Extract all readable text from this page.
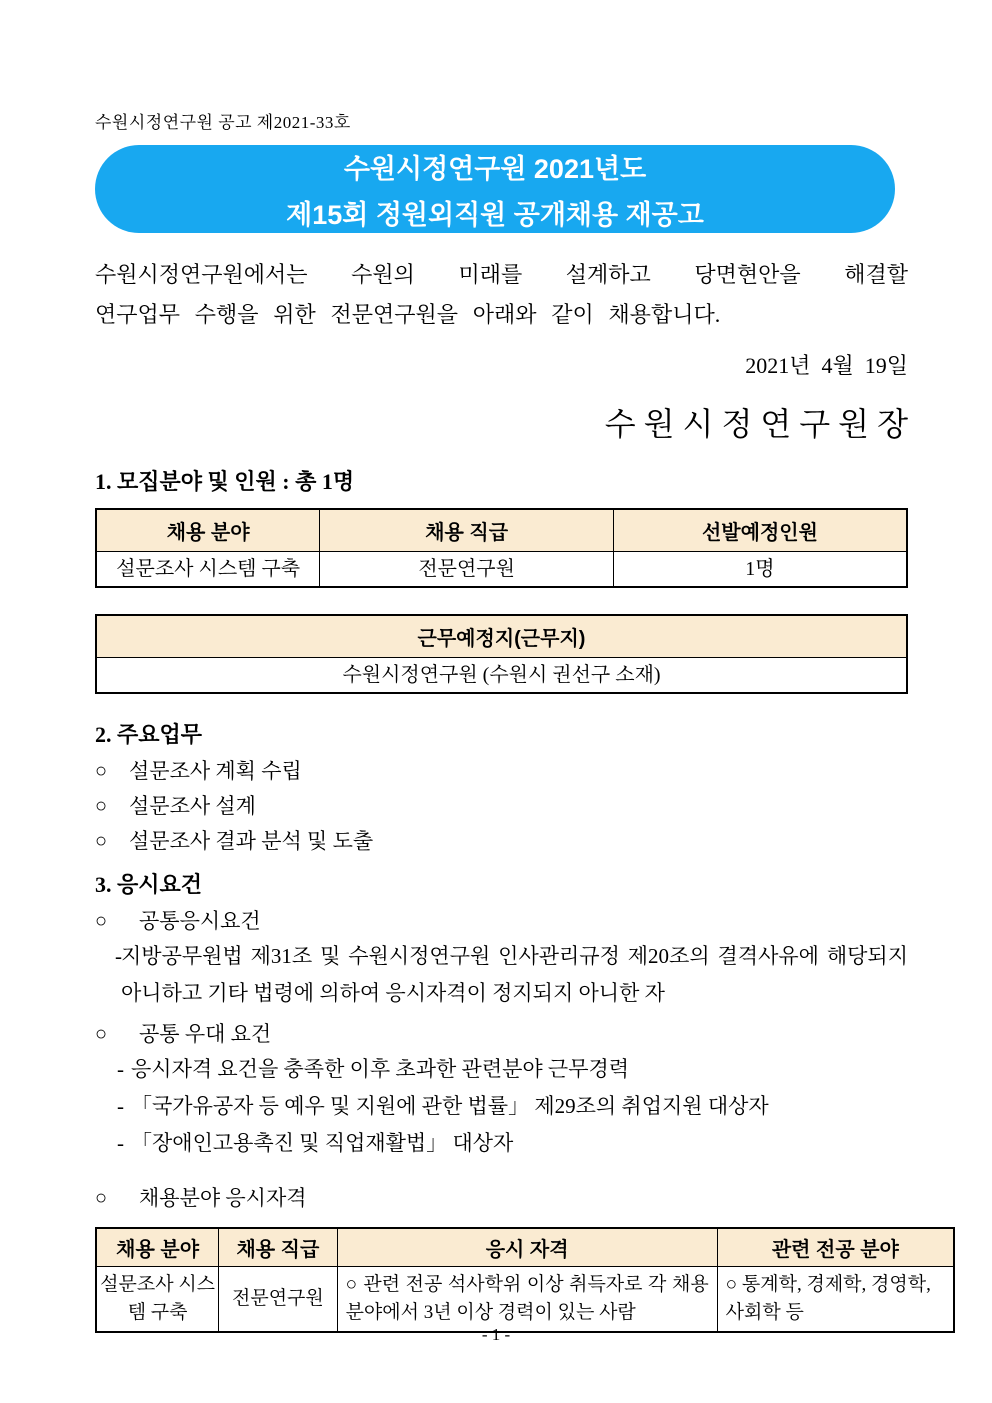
수원시정연구원 공고 제2021-33호
수원시정연구원 2021년도
제15회 정원외직원 공개채용 재공고
수원시정연구원에서는 수원의 미래를 설계하고 당면현안을 해결할
연구업무 수행을 위한 전문연구원을 아래와 같이 채용합니다.
2021년  4월  19일
수 원 시 정 연 구 원 장
1. 모집분야 및 인원 : 총 1명
채용 분야	채용 직급	선발예정인원
설문조사 시스템 구축	전문연구원	1명
근무예정지(근무지)
수원시정연구원 (수원시 권선구 소재)
2. 주요업무
○	설문조사 계획 수립
○	설문조사 설계
○	설문조사 결과 분석 및 도출
3. 응시요건
○	공통응시요건
- 지방공무원법 제31조 및 수원시정연구원 인사관리규정 제20조의 결격사유에 해당되지 아니하고 기타 법령에 의하여 응시자격이 정지되지 아니한 자
○	공통 우대 요건
- 응시자격 요건을 충족한 이후 초과한 관련분야 근무경력
- 「국가유공자 등 예우 및 지원에 관한 법률」 제29조의 취업지원 대상자
- 「장애인고용촉진 및 직업재활법」 대상자
○	채용분야 응시자격
채용 분야	채용 직급	응시 자격	관련 전공 분야
설문조사 시스템 구축	전문연구원	○ 관련 전공 석사학위 이상 취득자로 각 채용 분야에서 3년 이상 경력이 있는 사람	○ 통계학, 경제학, 경영학, 사회학 등
- 1 -
